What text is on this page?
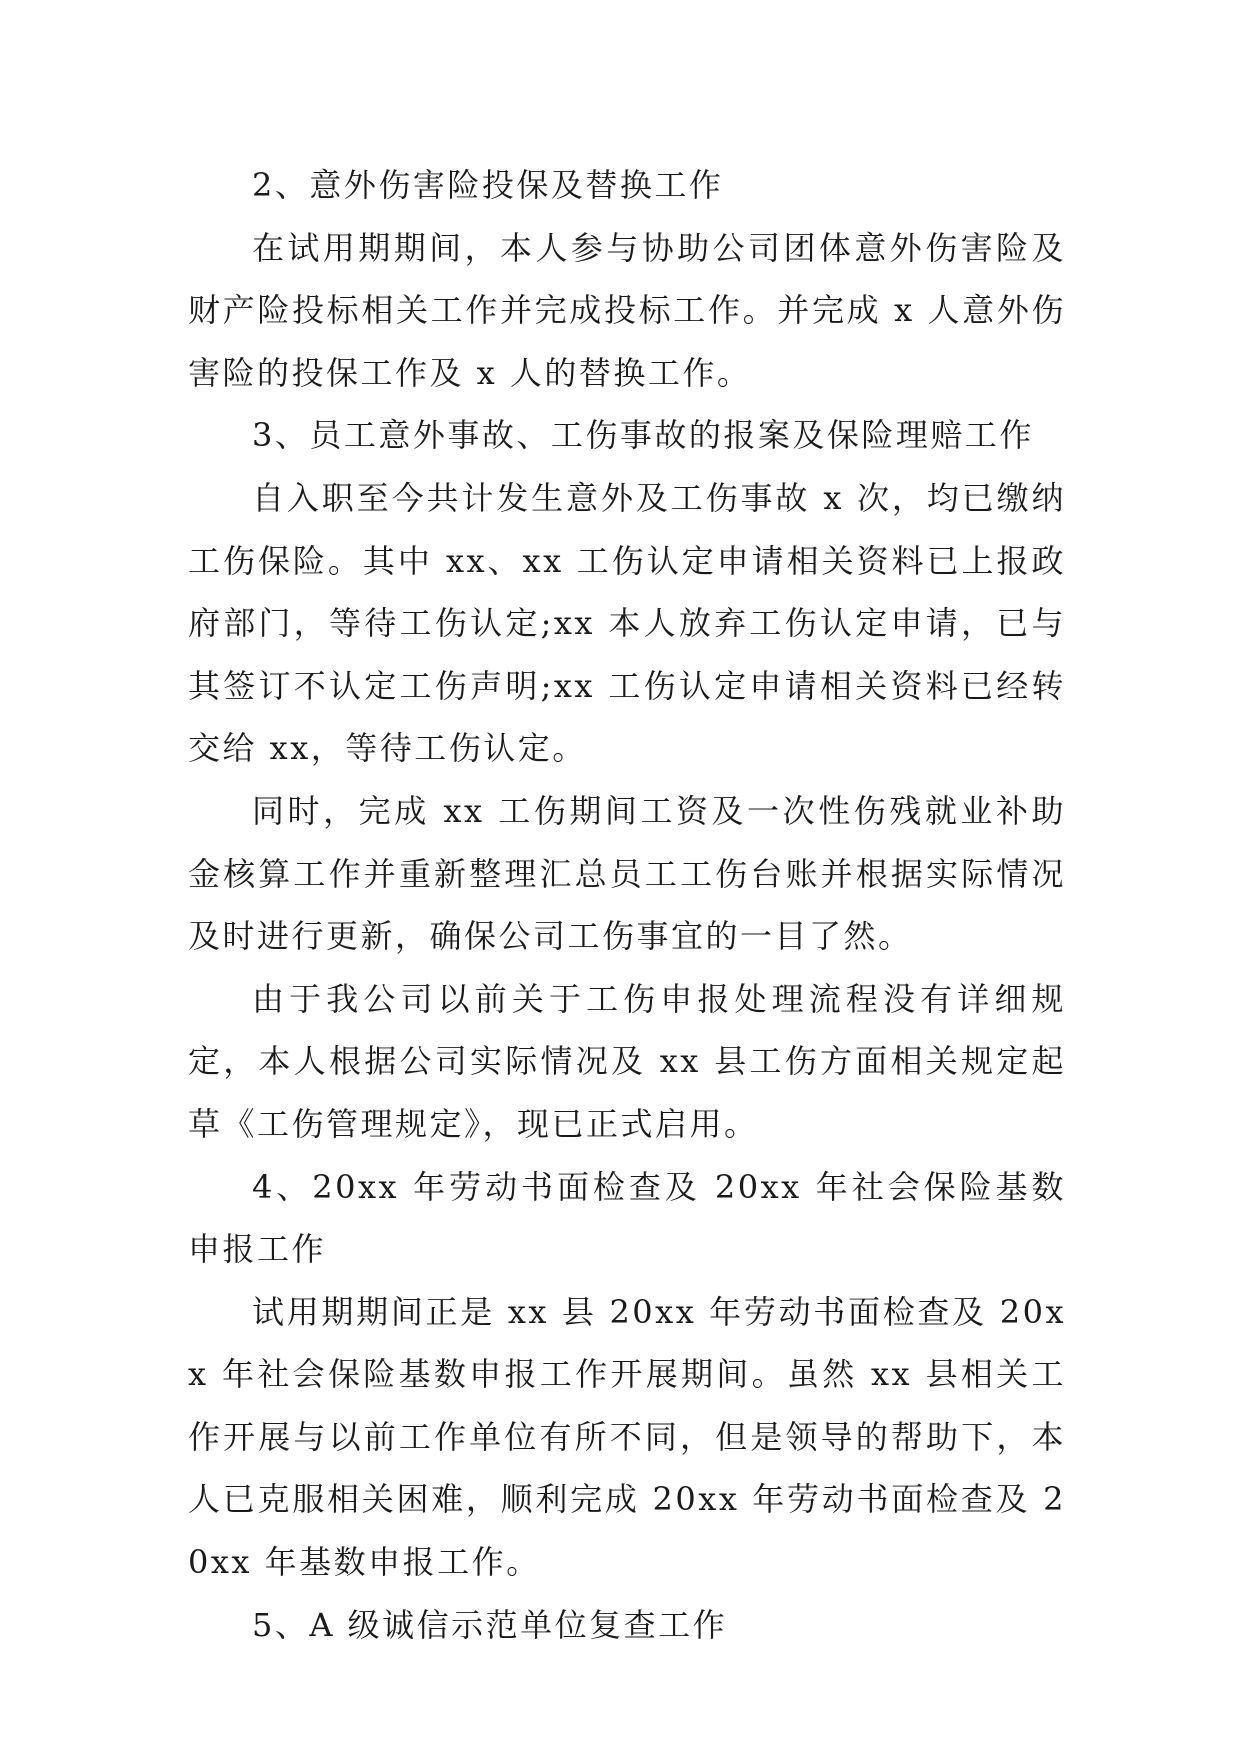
2、意外伤害险投保及替换工作

在试用期期间，本人参与协助公司团体意外伤害险及财产险投标相关工作并完成投标工作。并完成 x 人意外伤害险的投保工作及 x 人的替换工作。

3、员工意外事故、工伤事故的报案及保险理赔工作

自入职至今共计发生意外及工伤事故 x 次，均已缴纳工伤保险。其中 xx、xx 工伤认定申请相关资料已上报政府部门，等待工伤认定;xx 本人放弃工伤认定申请，已与其签订不认定工伤声明;xx 工伤认定申请相关资料已经转交给 xx，等待工伤认定。

同时，完成 xx 工伤期间工资及一次性伤残就业补助金核算工作并重新整理汇总员工工伤台账并根据实际情况及时进行更新，确保公司工伤事宜的一目了然。

由于我公司以前关于工伤申报处理流程没有详细规定，本人根据公司实际情况及 xx 县工伤方面相关规定起草《工伤管理规定》，现已正式启用。

4、20xx 年劳动书面检查及 20xx 年社会保险基数申报工作

试用期期间正是 xx 县 20xx 年劳动书面检查及 20xx 年社会保险基数申报工作开展期间。虽然 xx 县相关工作开展与以前工作单位有所不同，但是领导的帮助下，本人已克服相关困难，顺利完成 20xx 年劳动书面检查及 20xx 年基数申报工作。

5、A 级诚信示范单位复查工作
